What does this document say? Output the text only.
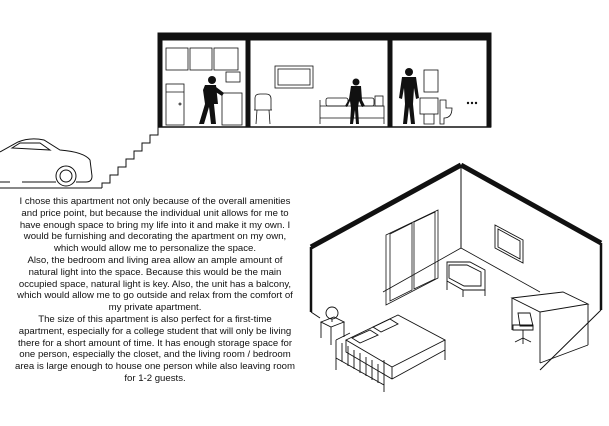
I chose this apartment not only because of the overall amenities and price point, but because the individual unit allows for me to have enough space to bring my life into it and make it my own. I would be furnishing and decorating the apartment on my own, which would allow me to personalize the space.

Also, the bedroom and living area allow an ample amount of natural light into the space. Because this would be the main occupied space, natural light is key. Also, the unit has a balcony, which would allow me to go outside and relax from the comfort of my private apartment.

The size of this apartment is also perfect for a first-time apartment, especially for a college student that will only be living there for a short amount of time. It has enough storage space for one person, especially the closet, and the living room / bedroom area is large enough to house one person while also leaving room for 1-2 guests.
